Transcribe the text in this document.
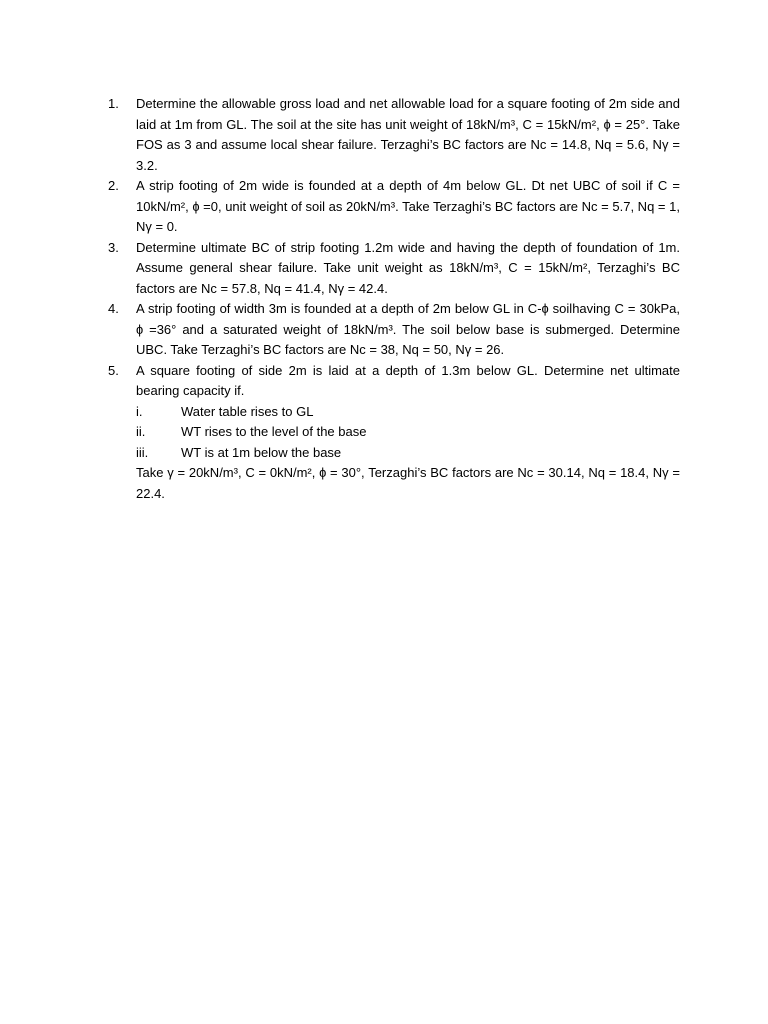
1. Determine the allowable gross load and net allowable load for a square footing of 2m side and laid at 1m from GL. The soil at the site has unit weight of 18kN/m³, C = 15kN/m², ɸ = 25°. Take FOS as 3 and assume local shear failure. Terzaghi’s BC factors are Nc = 14.8, Nq = 5.6, Nγ = 3.2.
2. A strip footing of 2m wide is founded at a depth of 4m below GL. Dt net UBC of soil if C = 10kN/m², ɸ =0, unit weight of soil as 20kN/m³. Take Terzaghi’s BC factors are Nc = 5.7, Nq = 1, Nγ = 0.
3. Determine ultimate BC of strip footing 1.2m wide and having the depth of foundation of 1m. Assume general shear failure. Take unit weight as 18kN/m³, C = 15kN/m², Terzaghi’s BC factors are Nc = 57.8, Nq = 41.4, Nγ = 42.4.
4. A strip footing of width 3m is founded at a depth of 2m below GL in C-ɸ soilhaving C = 30kPa, ɸ =36° and a saturated weight of 18kN/m³. The soil below base is submerged. Determine UBC. Take Terzaghi’s BC factors are Nc = 38, Nq = 50, Nγ = 26.
5. A square footing of side 2m is laid at a depth of 1.3m below GL. Determine net ultimate bearing capacity if.
i.	Water table rises to GL
ii.	WT rises to the level of the base
iii.	WT is at 1m below the base
Take γ = 20kN/m³, C = 0kN/m², ɸ = 30°, Terzaghi’s BC factors are Nc = 30.14, Nq = 18.4, Nγ = 22.4.
